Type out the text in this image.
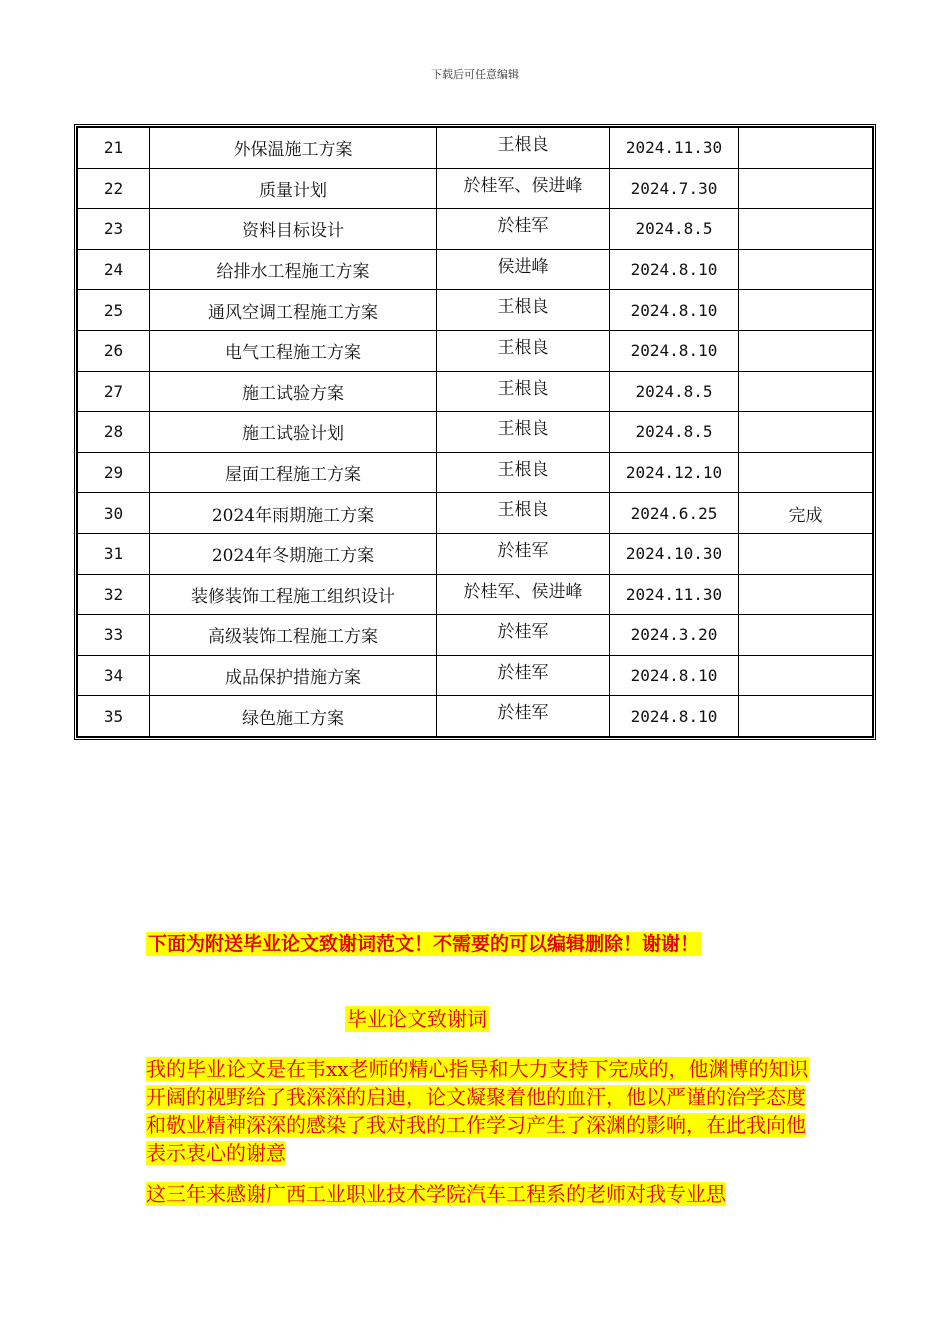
下载后可任意编辑
21	外保温施工方案	王根良	2024.11.30	
22	质量计划	於桂军、侯进峰	2024.7.30	
23	资料目标设计	於桂军	2024.8.5	
24	给排水工程施工方案	侯进峰	2024.8.10	
25	通风空调工程施工方案	王根良	2024.8.10	
26	电气工程施工方案	王根良	2024.8.10	
27	施工试验方案	王根良	2024.8.5	
28	施工试验计划	王根良	2024.8.5	
29	屋面工程施工方案	王根良	2024.12.10	
30	2024年雨期施工方案	王根良	2024.6.25	完成
31	2024年冬期施工方案	於桂军	2024.10.30	
32	装修装饰工程施工组织设计	於桂军、侯进峰	2024.11.30	
33	高级装饰工程施工方案	於桂军	2024.3.20	
34	成品保护措施方案	於桂军	2024.8.10	
35	绿色施工方案	於桂军	2024.8.10	
下面为附送毕业论文致谢词范文！不需要的可以编辑删除！谢谢！
毕业论文致谢词

我的毕业论文是在韦xx老师的精心指导和大力支持下完成的，他渊博的知识开阔的视野给了我深深的启迪，论文凝聚着他的血汗，他以严谨的治学态度和敬业精神深深的感染了我对我的工作学习产生了深渊的影响，在此我向他表示衷心的谢意

这三年来感谢广西工业职业技术学院汽车工程系的老师对我专业思
